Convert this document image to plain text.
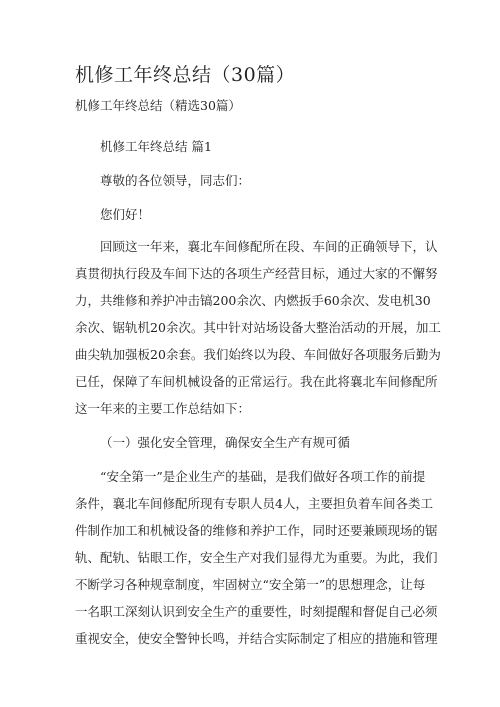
机修工年终总结（30篇）
机修工年终总结（精选30篇）
机修工年终总结 篇1
尊敬的各位领导，同志们：
您们好！
回顾这一年来，襄北车间修配所在段、车间的正确领导下，认
真贯彻执行段及车间下达的各项生产经营目标，通过大家的不懈努
力，共维修和养护冲击镐200余次、内燃扳手60余次、发电机30
余次、锯轨机20余次。其中针对站场设备大整治活动的开展，加工
曲尖轨加强板20余套。我们始终以为段、车间做好各项服务后勤为
已任，保障了车间机械设备的正常运行。我在此将襄北车间修配所
这一年来的主要工作总结如下：
（一）强化安全管理，确保安全生产有规可循
“安全第一”是企业生产的基础，是我们做好各项工作的前提
条件，襄北车间修配所现有专职人员4人，主要担负着车间各类工
件制作加工和机械设备的维修和养护工作，同时还要兼顾现场的锯
轨、配轨、钻眼工作，安全生产对我们显得尤为重要。为此，我们
不断学习各种规章制度，牢固树立“安全第一”的思想理念，让每
一名职工深刻认识到安全生产的重要性，时刻提醒和督促自己必须
重视安全，使安全警钟长鸣，并结合实际制定了相应的措施和管理
